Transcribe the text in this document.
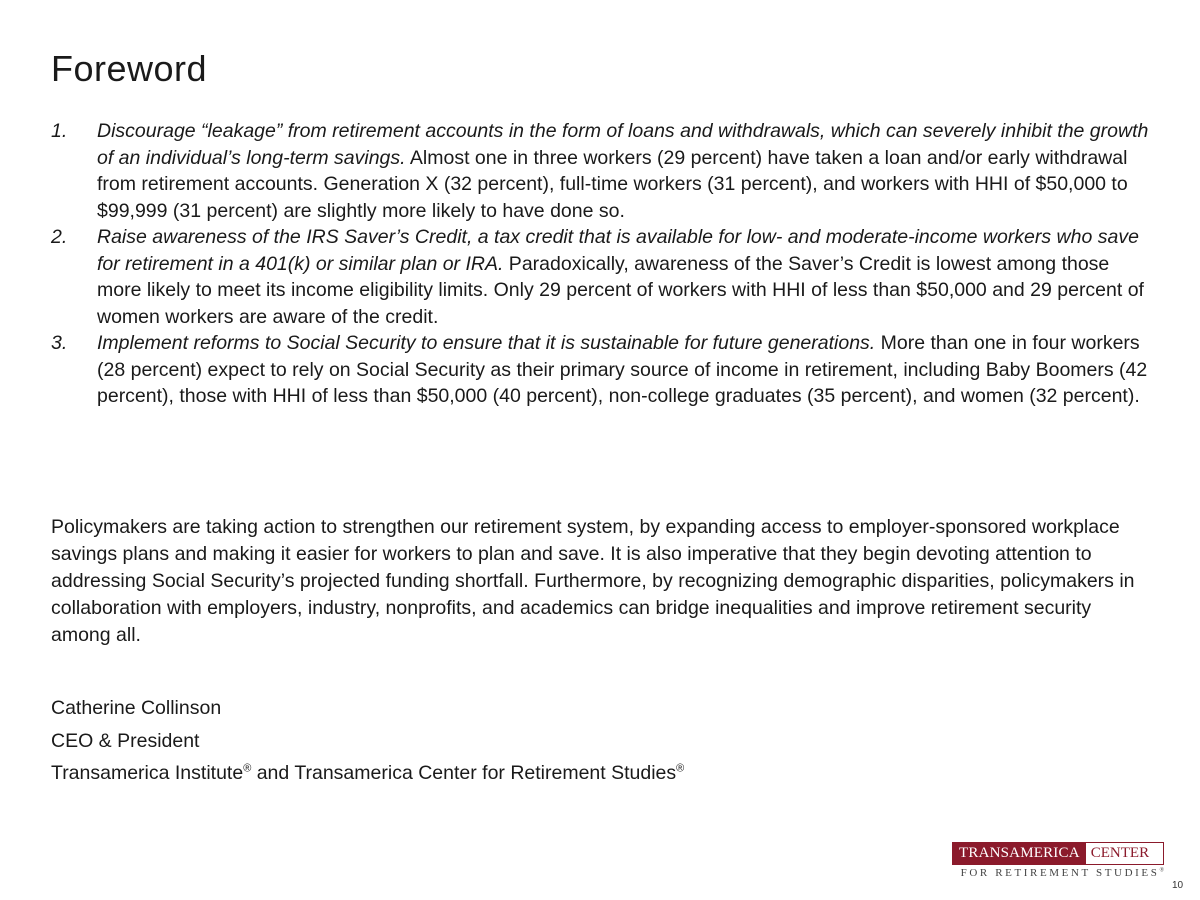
Foreword
1. Discourage “leakage” from retirement accounts in the form of loans and withdrawals, which can severely inhibit the growth of an individual’s long-term savings. Almost one in three workers (29 percent) have taken a loan and/or early withdrawal from retirement accounts. Generation X (32 percent), full-time workers (31 percent), and workers with HHI of $50,000 to $99,999 (31 percent) are slightly more likely to have done so.
2. Raise awareness of the IRS Saver’s Credit, a tax credit that is available for low- and moderate-income workers who save for retirement in a 401(k) or similar plan or IRA. Paradoxically, awareness of the Saver’s Credit is lowest among those more likely to meet its income eligibility limits. Only 29 percent of workers with HHI of less than $50,000 and 29 percent of women workers are aware of the credit.
3. Implement reforms to Social Security to ensure that it is sustainable for future generations. More than one in four workers (28 percent) expect to rely on Social Security as their primary source of income in retirement, including Baby Boomers (42 percent), those with HHI of less than $50,000 (40 percent), non-college graduates (35 percent), and women (32 percent).

Policymakers are taking action to strengthen our retirement system, by expanding access to employer-sponsored workplace savings plans and making it easier for workers to plan and save. It is also imperative that they begin devoting attention to addressing Social Security’s projected funding shortfall. Furthermore, by recognizing demographic disparities, policymakers in collaboration with employers, industry, nonprofits, and academics can bridge inequalities and improve retirement security among all.

Catherine Collinson
CEO & President
Transamerica Institute® and Transamerica Center for Retirement Studies®
TRANSAMERICA CENTER
FOR RETIREMENT STUDIES®
10
